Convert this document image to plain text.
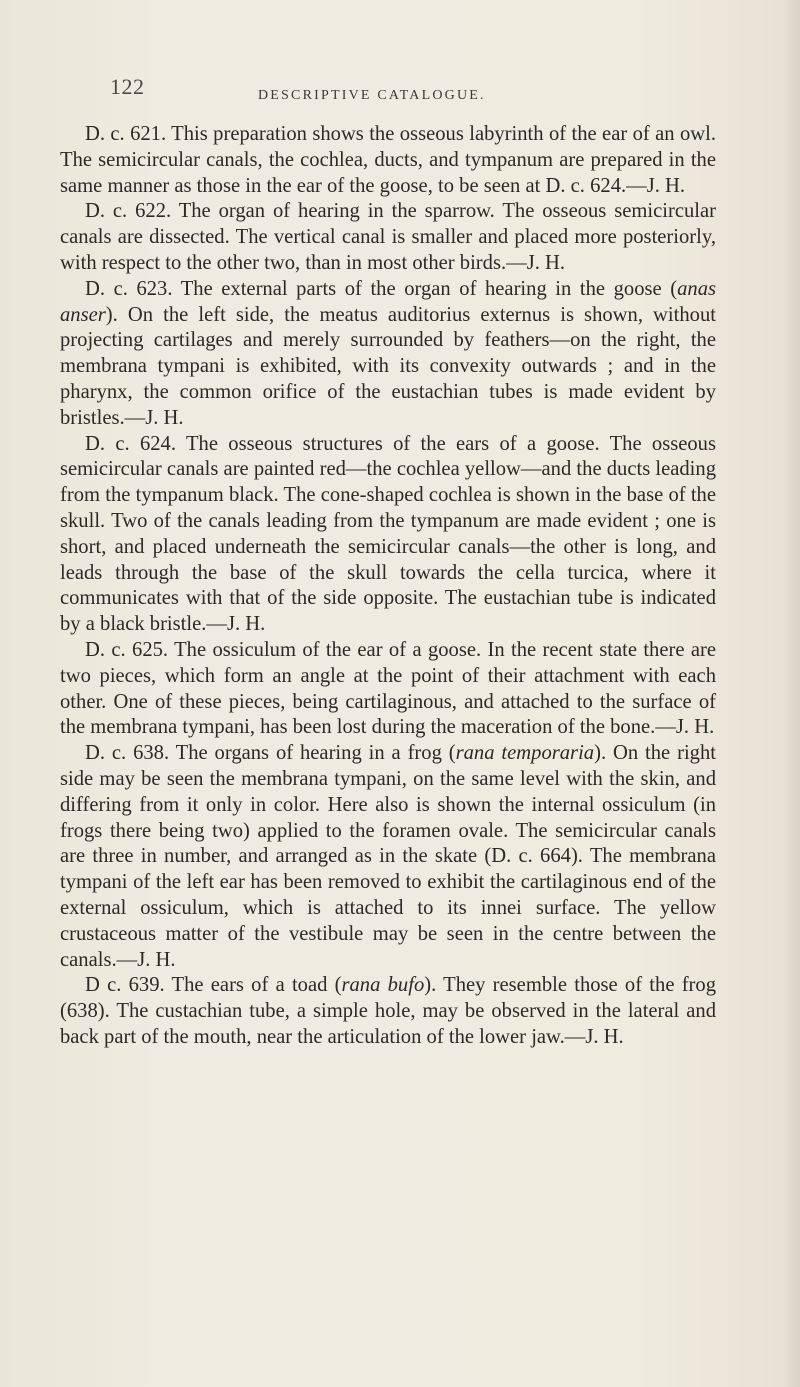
122	DESCRIPTIVE CATALOGUE.

D. c. 621. This preparation shows the osseous labyrinth of the ear of an owl. The semicircular canals, the cochlea, ducts, and tympanum are prepared in the same manner as those in the ear of the goose, to be seen at D. c. 624.—J. H.

D. c. 622. The organ of hearing in the sparrow. The osseous semicircular canals are dissected. The vertical canal is smaller and placed more posteriorly, with respect to the other two, than in most other birds.—J. H.

D. c. 623. The external parts of the organ of hearing in the goose (anas anser). On the left side, the meatus auditorius externus is shown, without projecting cartilages and merely surrounded by feathers—on the right, the membrana tympani is exhibited, with its convexity outwards ; and in the pharynx, the common orifice of the eustachian tubes is made evident by bristles.—J. H.

D. c. 624. The osseous structures of the ears of a goose. The osseous semicircular canals are painted red—the cochlea yellow—and the ducts leading from the tympanum black. The cone-shaped cochlea is shown in the base of the skull. Two of the canals leading from the tympanum are made evident ; one is short, and placed underneath the semicircular canals—the other is long, and leads through the base of the skull towards the cella turcica, where it communicates with that of the side opposite. The eustachian tube is indicated by a black bristle.—J. H.

D. c. 625. The ossiculum of the ear of a goose. In the recent state there are two pieces, which form an angle at the point of their attachment with each other. One of these pieces, being cartilaginous, and attached to the surface of the membrana tympani, has been lost during the maceration of the bone.—J. H.

D. c. 638. The organs of hearing in a frog (rana temporaria). On the right side may be seen the membrana tympani, on the same level with the skin, and differing from it only in color. Here also is shown the internal ossiculum (in frogs there being two) applied to the foramen ovale. The semicircular canals are three in number, and arranged as in the skate (D. c. 664). The membrana tympani of the left ear has been removed to exhibit the cartilaginous end of the external ossiculum, which is attached to its innei surface. The yellow crustaceous matter of the vestibule may be seen in the centre between the canals.—J. H.

D c. 639. The ears of a toad (rana bufo). They resemble those of the frog (638). The custachian tube, a simple hole, may be observed in the lateral and back part of the mouth, near the articulation of the lower jaw.—J. H.
